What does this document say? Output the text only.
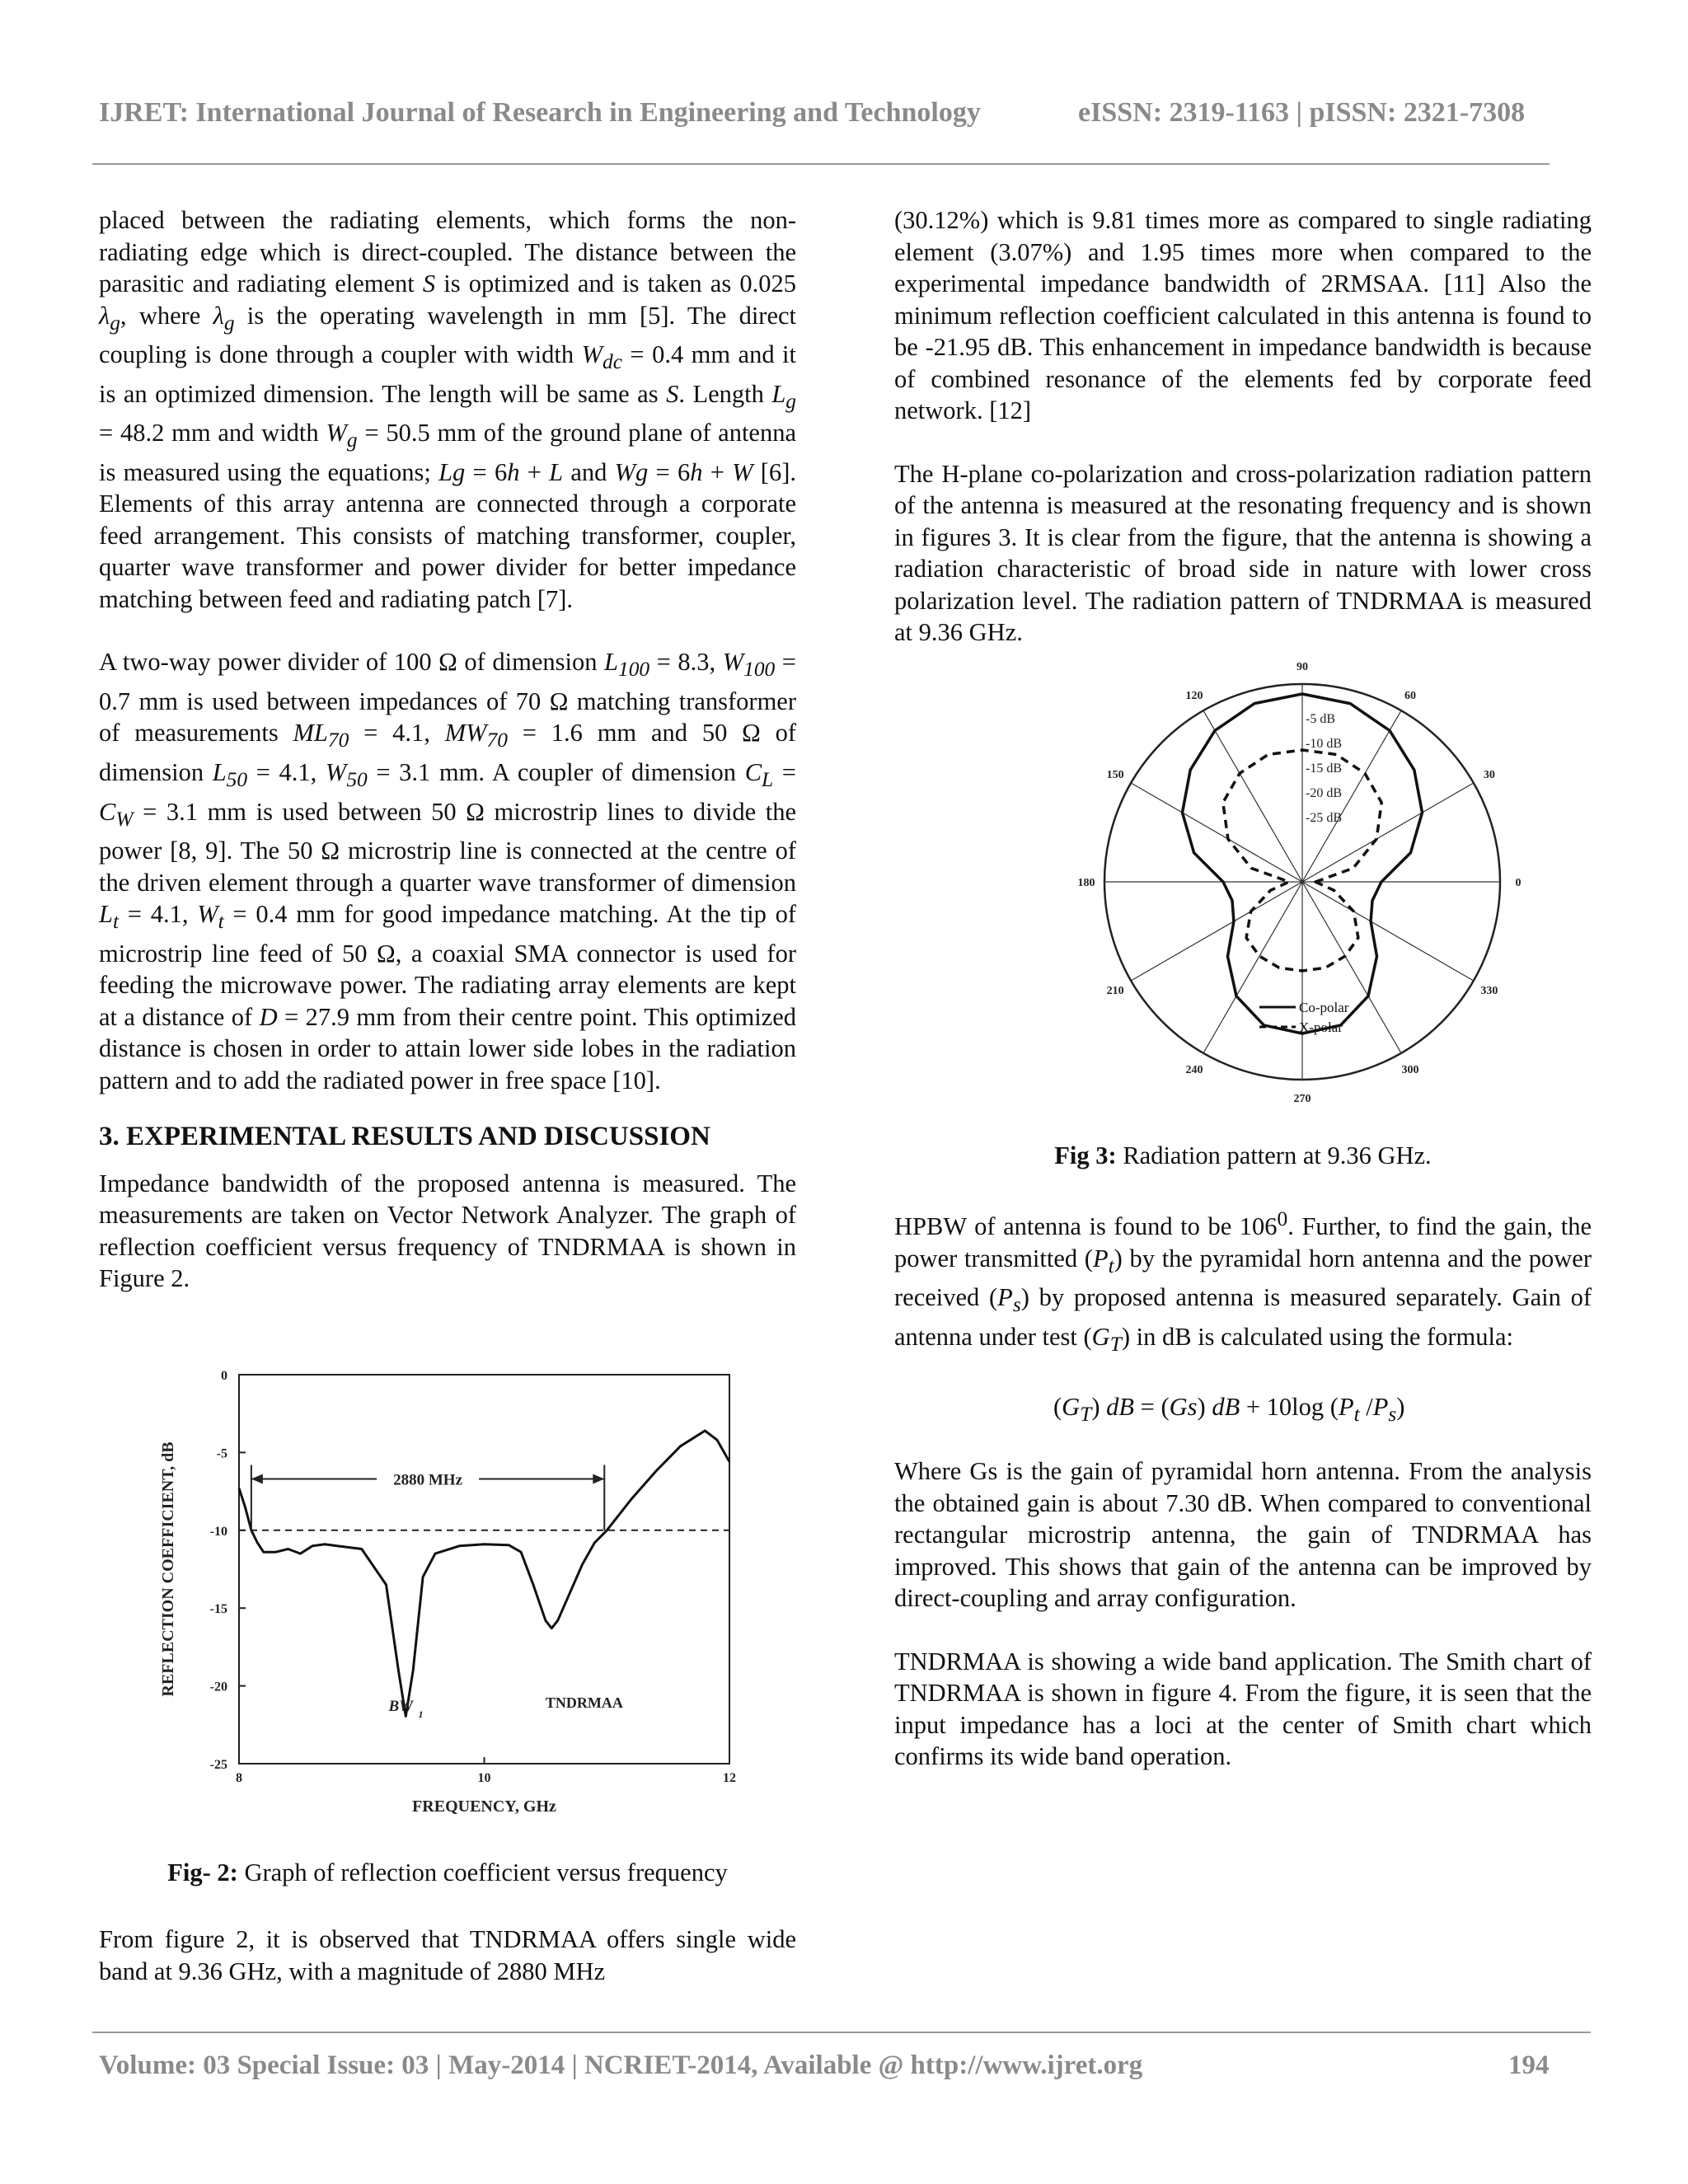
IJRET: International Journal of Research in Engineering and Technology	eISSN: 2319-1163 | pISSN: 2321-7308

placed between the radiating elements, which forms the non-radiating edge which is direct-coupled. The distance between the parasitic and radiating element S is optimized and is taken as 0.025 $\lambda_g$, where $\lambda_g$ is the operating wavelength in mm [5]. The direct coupling is done through a coupler with width $W_{dc} = 0.4$ mm and it is an optimized dimension. The length will be same as S. Length $L_g = 48.2$ mm and width $W_g = 50.5$ mm of the ground plane of antenna is measured using the equations; Lg = 6h + L and Wg = 6h + W [6]. Elements of this array antenna are connected through a corporate feed arrangement. This consists of matching transformer, coupler, quarter wave transformer and power divider for better impedance matching between feed and radiating patch [7].

A two-way power divider of 100 Ω of dimension $L_{100} = 8.3$, $W_{100} = 0.7$ mm is used between impedances of 70 Ω matching transformer of measurements $ML_{70} = 4.1$, $MW_{70} = 1.6$ mm and 50 Ω of dimension $L_{50} = 4.1$, $W_{50} = 3.1$ mm. A coupler of dimension $C_L = C_W = 3.1$ mm is used between 50 Ω microstrip lines to divide the power [8, 9]. The 50 Ω microstrip line is connected at the centre of the driven element through a quarter wave transformer of dimension $L_t = 4.1$, $W_t = 0.4$ mm for good impedance matching. At the tip of microstrip line feed of 50 Ω, a coaxial SMA connector is used for feeding the microwave power. The radiating array elements are kept at a distance of D = 27.9 mm from their centre point. This optimized distance is chosen in order to attain lower side lobes in the radiation pattern and to add the radiated power in free space [10].

3. EXPERIMENTAL RESULTS AND DISCUSSION

Impedance bandwidth of the proposed antenna is measured. The measurements are taken on Vector Network Analyzer. The graph of reflection coefficient versus frequency of TNDRMAA is shown in Figure 2.

0
-5
-10
-15
-20
-25
8	10	12
FREQUENCY, GHz
REFLECTION COEFFICIENT, dB	2880 MHz
BW 1
TNDRMAA
Fig- 2: Graph of reflection coefficient versus frequency

From figure 2, it is observed that TNDRMAA offers single wide band at 9.36 GHz, with a magnitude of 2880 MHz

(30.12%) which is 9.81 times more as compared to single radiating element (3.07%) and 1.95 times more when compared to the experimental impedance bandwidth of 2RMSAA. [11] Also the minimum reflection coefficient calculated in this antenna is found to be -21.95 dB. This enhancement in impedance bandwidth is because of combined resonance of the elements fed by corporate feed network. [12]

The H-plane co-polarization and cross-polarization radiation pattern of the antenna is measured at the resonating frequency and is shown in figures 3. It is clear from the figure, that the antenna is showing a radiation characteristic of broad side in nature with lower cross polarization level. The radiation pattern of TNDRMAA is measured at 9.36 GHz.

90
60
30
0
330
300
270
240
210
180
150
120
-5 dB
-10 dB
-15 dB
-20 dB
-25 dB
Co-polar
X-polar
Fig 3: Radiation pattern at 9.36 GHz.

HPBW of antenna is found to be $106^0$. Further, to find the gain, the power transmitted $(P_t)$ by the pyramidal horn antenna and the power received $(P_s)$ by proposed antenna is measured separately. Gain of antenna under test $(G_T)$ in dB is calculated using the formula:

$(G_T)$ dB = (Gs) dB + 10log ($P_t$ $/P_s$)

Where Gs is the gain of pyramidal horn antenna. From the analysis the obtained gain is about 7.30 dB. When compared to conventional rectangular microstrip antenna, the gain of TNDRMAA has improved. This shows that gain of the antenna can be improved by direct-coupling and array configuration.

TNDRMAA is showing a wide band application. The Smith chart of TNDRMAA is shown in figure 4. From the figure, it is seen that the input impedance has a loci at the center of Smith chart which confirms its wide band operation.

Volume: 03 Special Issue: 03 | May-2014 | NCRIET-2014, Available @ http://www.ijret.org	194
